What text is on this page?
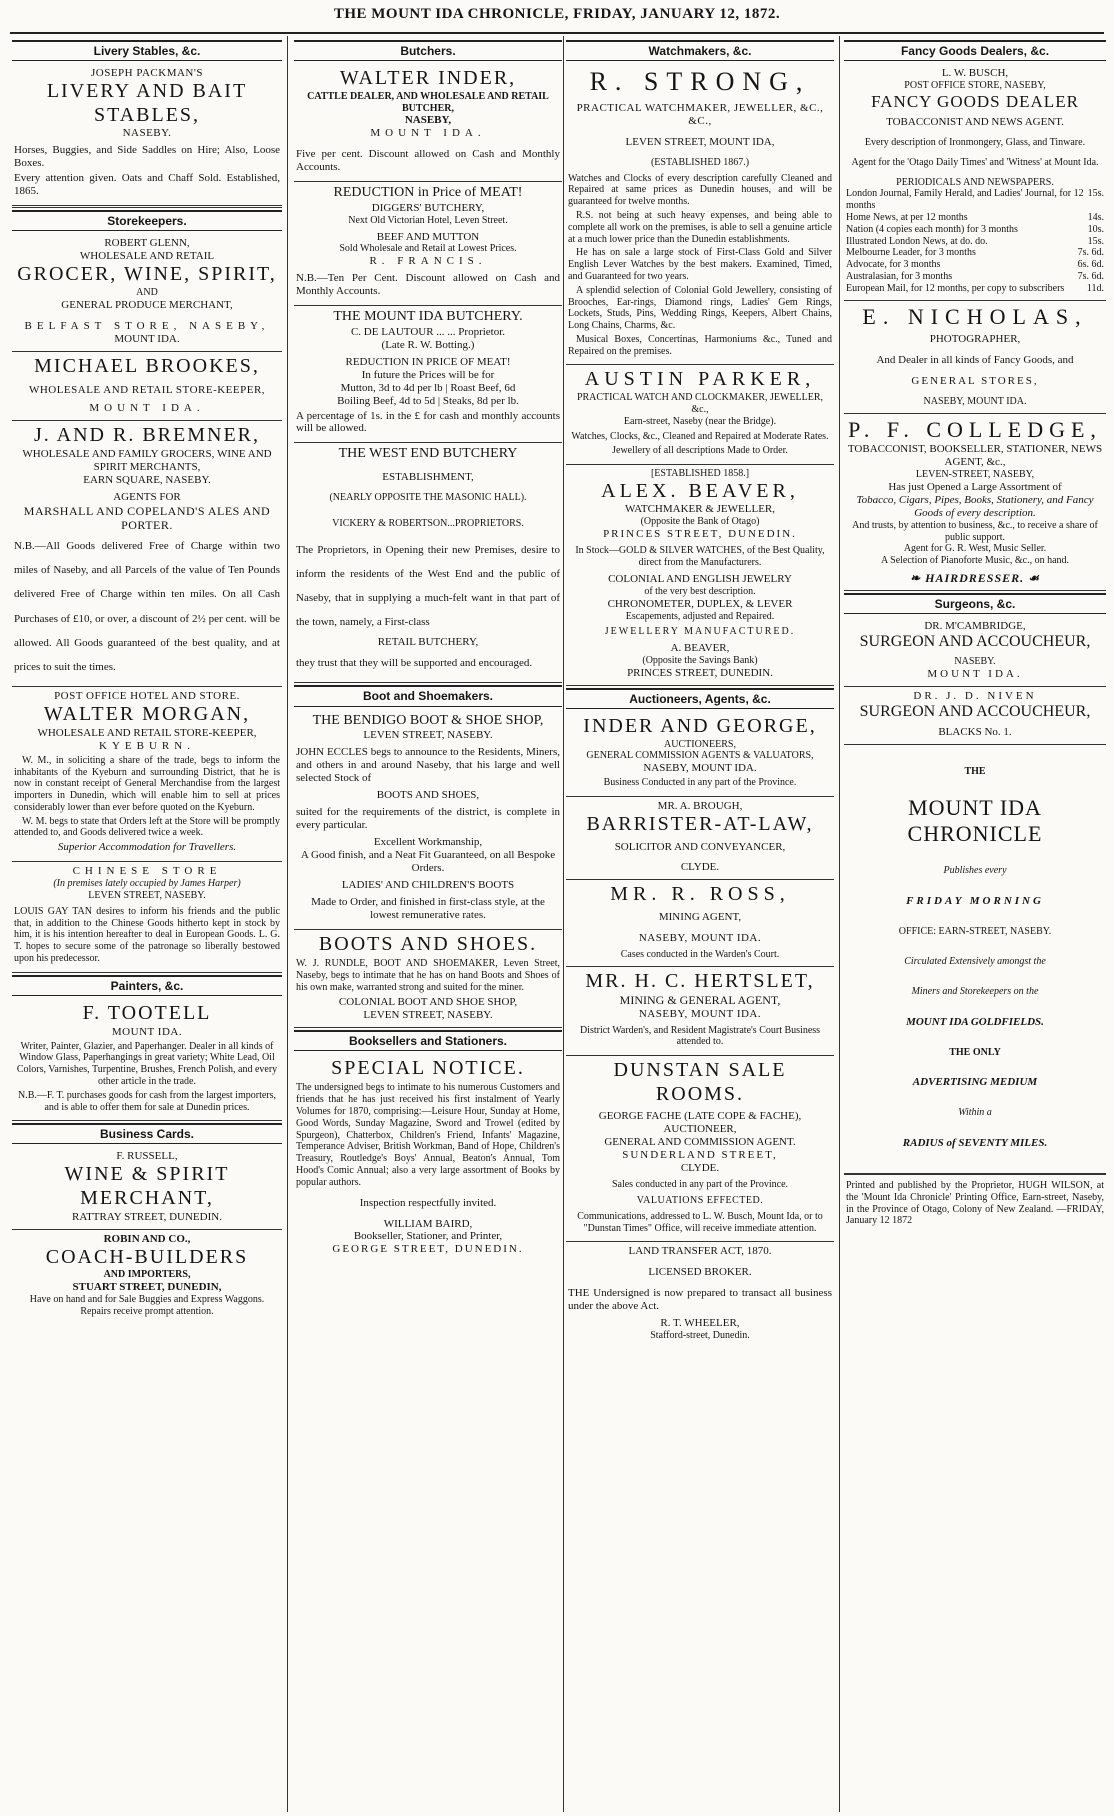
THE MOUNT IDA CHRONICLE, FRIDAY, JANUARY 12, 1872.
Livery Stables, &c.
JOSEPH PACKMAN'S
LIVERY AND BAIT STABLES,
NASEBY.

Horses, Buggies, and Side Saddles on Hire; Also, Loose Boxes.

Every attention given. Oats and Chaff Sold. Established, 1865.

Storekeepers.
ROBERT GLENN,
WHOLESALE AND RETAIL
GROCER, WINE, SPIRIT,
AND
GENERAL PRODUCE MERCHANT,
BELFAST STORE, NASEBY,
MOUNT IDA.
MICHAEL BROOKES,
WHOLESALE AND RETAIL STORE-KEEPER,
MOUNT IDA.
J. AND R. BREMNER,
WHOLESALE AND FAMILY GROCERS, WINE AND SPIRIT MERCHANTS,
EARN SQUARE, NASEBY.
AGENTS FOR
MARSHALL AND COPELAND'S ALES AND PORTER.

N.B.—All Goods delivered Free of Charge within two miles of Naseby, and all Parcels of the value of Ten Pounds delivered Free of Charge within ten miles. On all Cash Purchases of £10, or over, a discount of 2½ per cent. will be allowed. All Goods guaranteed of the best quality, and at prices to suit the times.

POST OFFICE HOTEL AND STORE.
WALTER MORGAN,
WHOLESALE AND RETAIL STORE-KEEPER,
KYEBURN.

W. M., in soliciting a share of the trade, begs to inform the inhabitants of the Kyeburn and surrounding District, that he is now in constant receipt of General Merchandise from the largest importers in Dunedin, which will enable him to sell at prices considerably lower than ever before quoted on the Kyeburn.

W. M. begs to state that Orders left at the Store will be promptly attended to, and Goods delivered twice a week.

Superior Accommodation for Travellers.

CHINESE STORE
(In premises lately occupied by James Harper)
LEVEN STREET, NASEBY.

LOUIS GAY TAN desires to inform his friends and the public that, in addition to the Chinese Goods hitherto kept in stock by him, it is his intention hereafter to deal in European Goods. L. G. T. hopes to secure some of the patronage so liberally bestowed upon his predecessor.

Painters, &c.
F. TOOTELL
MOUNT IDA.

Writer, Painter, Glazier, and Paperhanger. Dealer in all kinds of Window Glass, Paperhangings in great variety; White Lead, Oil Colors, Varnishes, Turpentine, Brushes, French Polish, and every other article in the trade.

N.B.—F. T. purchases goods for cash from the largest importers, and is able to offer them for sale at Dunedin prices.

Business Cards.
F. RUSSELL,
WINE & SPIRIT MERCHANT,
RATTRAY STREET, DUNEDIN.
ROBIN AND CO.,
COACH-BUILDERS
AND IMPORTERS,
STUART STREET, DUNEDIN,
Have on hand and for Sale Buggies and Express Waggons.
Repairs receive prompt attention.
Butchers.
WALTER INDER,
CATTLE DEALER, AND WHOLESALE AND RETAIL BUTCHER,
NASEBY,
MOUNT IDA.

Five per cent. Discount allowed on Cash and Monthly Accounts.

REDUCTION in Price of MEAT!
DIGGERS' BUTCHERY,
Next Old Victorian Hotel, Leven Street.
BEEF AND MUTTON
Sold Wholesale and Retail at Lowest Prices.
R. FRANCIS.

N.B.—Ten Per Cent. Discount allowed on Cash and Monthly Accounts.

THE MOUNT IDA BUTCHERY.
C. DE LAUTOUR ... ... Proprietor.
(Late R. W. Botting.)
REDUCTION IN PRICE OF MEAT!
In future the Prices will be for
Mutton, 3d to 4d per lb | Roast Beef, 6d
Boiling Beef, 4d to 5d | Steaks, 8d per lb.

A percentage of 1s. in the £ for cash and monthly accounts will be allowed.

THE WEST END BUTCHERY
ESTABLISHMENT,
(NEARLY OPPOSITE THE MASONIC HALL).
VICKERY & ROBERTSON...PROPRIETORS.

The Proprietors, in Opening their new Premises, desire to inform the residents of the West End and the public of Naseby, that in supplying a much-felt want in that part of the town, namely, a First-class

RETAIL BUTCHERY,

they trust that they will be supported and encouraged.

Boot and Shoemakers.
THE BENDIGO BOOT & SHOE SHOP,
LEVEN STREET, NASEBY.

JOHN ECCLES begs to announce to the Residents, Miners, and others in and around Naseby, that his large and well selected Stock of

BOOTS AND SHOES,

suited for the requirements of the district, is complete in every particular.

Excellent Workmanship,
A Good finish, and a Neat Fit Guaranteed, on all Bespoke Orders.
LADIES' AND CHILDREN'S BOOTS

Made to Order, and finished in first-class style, at the lowest remunerative rates.

BOOTS AND SHOES.

W. J. RUNDLE, BOOT AND SHOEMAKER, Leven Street, Naseby, begs to intimate that he has on hand Boots and Shoes of his own make, warranted strong and suited for the miner.

COLONIAL BOOT AND SHOE SHOP,
LEVEN STREET, NASEBY.
Booksellers and Stationers.
SPECIAL NOTICE.

The undersigned begs to intimate to his numerous Customers and friends that he has just received his first instalment of Yearly Volumes for 1870, comprising:—Leisure Hour, Sunday at Home, Good Words, Sunday Magazine, Sword and Trowel (edited by Spurgeon), Chatterbox, Children's Friend, Infants' Magazine, Temperance Adviser, British Workman, Band of Hope, Children's Treasury, Routledge's Boys' Annual, Beaton's Annual, Tom Hood's Comic Annual; also a very large assortment of Books by popular authors.

Inspection respectfully invited.
WILLIAM BAIRD,
Bookseller, Stationer, and Printer,
GEORGE STREET, DUNEDIN.
Watchmakers, &c.
R. STRONG,
PRACTICAL WATCHMAKER, JEWELLER, &C., &C.,
LEVEN STREET, MOUNT IDA,
(ESTABLISHED 1867.)

Watches and Clocks of every description carefully Cleaned and Repaired at same prices as Dunedin houses, and will be guaranteed for twelve months.

R.S. not being at such heavy expenses, and being able to complete all work on the premises, is able to sell a genuine article at a much lower price than the Dunedin establishments.

He has on sale a large stock of First-Class Gold and Silver English Lever Watches by the best makers. Examined, Timed, and Guaranteed for two years.

A splendid selection of Colonial Gold Jewellery, consisting of Brooches, Ear-rings, Diamond rings, Ladies' Gem Rings, Lockets, Studs, Pins, Wedding Rings, Keepers, Albert Chains, Long Chains, Charms, &c.

Musical Boxes, Concertinas, Harmoniums &c., Tuned and Repaired on the premises.

AUSTIN PARKER,
PRACTICAL WATCH AND CLOCKMAKER, JEWELLER, &c.,
Earn-street, Naseby (near the Bridge).

Watches, Clocks, &c., Cleaned and Repaired at Moderate Rates.

Jewellery of all descriptions Made to Order.

[ESTABLISHED 1858.]
ALEX. BEAVER,
WATCHMAKER & JEWELLER,
(Opposite the Bank of Otago)
PRINCES STREET, DUNEDIN.

In Stock—GOLD & SILVER WATCHES, of the Best Quality, direct from the Manufacturers.

COLONIAL AND ENGLISH JEWELRY
of the very best description.
CHRONOMETER, DUPLEX, & LEVER
Escapements, adjusted and Repaired.
JEWELLERY MANUFACTURED.
A. BEAVER,
(Opposite the Savings Bank)
PRINCES STREET, DUNEDIN.
Auctioneers, Agents, &c.
INDER AND GEORGE,
AUCTIONEERS,
GENERAL COMMISSION AGENTS & VALUATORS,
NASEBY, MOUNT IDA.

Business Conducted in any part of the Province.

MR. A. BROUGH,
BARRISTER-AT-LAW,
SOLICITOR AND CONVEYANCER,
CLYDE.
MR. R. ROSS,
MINING AGENT,
NASEBY, MOUNT IDA.
Cases conducted in the Warden's Court.
MR. H. C. HERTSLET,
MINING & GENERAL AGENT,
NASEBY, MOUNT IDA.

District Warden's, and Resident Magistrate's Court Business attended to.

DUNSTAN SALE ROOMS.
GEORGE FACHE (LATE COPE & FACHE),
AUCTIONEER,
GENERAL AND COMMISSION AGENT.
SUNDERLAND STREET,
CLYDE.

Sales conducted in any part of the Province.

VALUATIONS EFFECTED.

Communications, addressed to L. W. Busch, Mount Ida, or to "Dunstan Times" Office, will receive immediate attention.

LAND TRANSFER ACT, 1870.
LICENSED BROKER.

THE Undersigned is now prepared to transact all business under the above Act.

R. T. WHEELER,
Stafford-street, Dunedin.
Fancy Goods Dealers, &c.
L. W. BUSCH,
POST OFFICE STORE, NASEBY,
FANCY GOODS DEALER
TOBACCONIST AND NEWS AGENT.

Every description of Ironmongery, Glass, and Tinware.

Agent for the 'Otago Daily Times' and 'Witness' at Mount Ida.

PERIODICALS AND NEWSPAPERS.
London Journal, Family Herald, and Ladies' Journal, for 12 months
15s.
Home News, at per 12 months	14s.
Nation (4 copies each month) for 3 months	10s.
Illustrated London News, at do. do.	15s.
Melbourne Leader, for 3 months	7s. 6d.
Advocate, for 3 months	6s. 6d.
Australasian, for 3 months	7s. 6d.
European Mail, for 12 months, per copy to subscribers 11d.
E. NICHOLAS,
PHOTOGRAPHER,
And Dealer in all kinds of Fancy Goods, and
GENERAL STORES,
NASEBY, MOUNT IDA.
P. F. COLLEDGE,
TOBACCONIST, BOOKSELLER, STATIONER, NEWS AGENT, &c.,
LEVEN-STREET, NASEBY,
Has just Opened a Large Assortment of
Tobacco, Cigars, Pipes, Books, Stationery, and Fancy Goods of every description.
And trusts, by attention to business, &c., to receive a share of public support.
Agent for G. R. West, Music Seller.
A Selection of Pianoforte Music, &c., on hand.
❧ HAIRDRESSER. ☙
Surgeons, &c.
DR. M'CAMBRIDGE,
SURGEON AND ACCOUCHEUR,
NASEBY.
MOUNT IDA.
DR. J. D. NIVEN
SURGEON AND ACCOUCHEUR,
BLACKS No. 1.

THE

MOUNT IDA CHRONICLE

Publishes every

FRIDAY MORNING

OFFICE: EARN-STREET, NASEBY.

Circulated Extensively amongst the

Miners and Storekeepers on the

MOUNT IDA GOLDFIELDS.

THE ONLY

ADVERTISING MEDIUM

Within a

RADIUS of SEVENTY MILES.

Printed and published by the Proprietor, HUGH WILSON, at the 'Mount Ida Chronicle' Printing Office, Earn-street, Naseby, in the Province of Otago, Colony of New Zealand. —FRIDAY, January 12 1872
